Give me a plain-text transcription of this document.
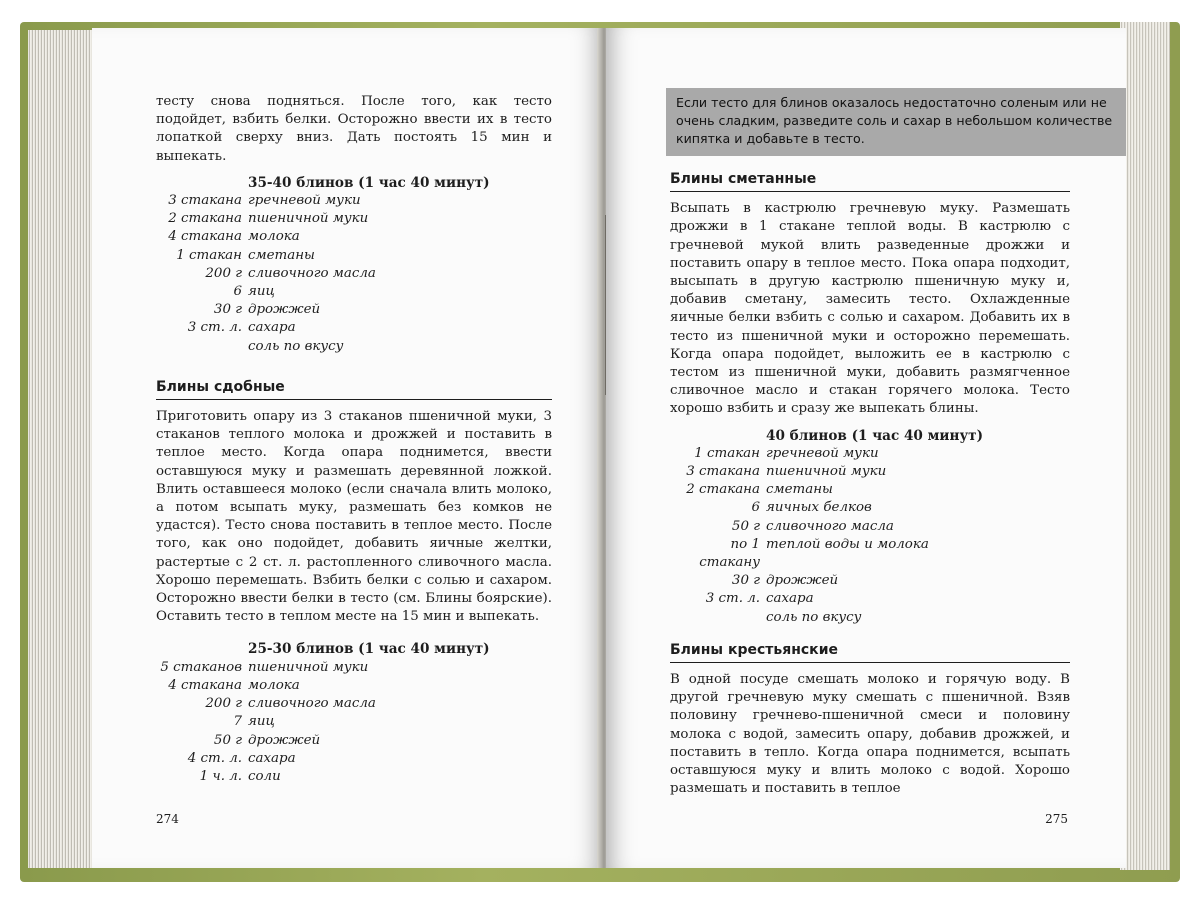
тесту снова подняться. После того, как тесто подойдет, взбить белки. Осторожно ввести их в тесто лопаткой сверху вниз. Дать постоять 15 мин и выпекать.

35-40 блинов (1 час 40 минут)
3 стакана гречневой муки
2 стакана пшеничной муки
4 стакана молока
1 стакан сметаны
200 г сливочного масла
6 яиц
30 г дрожжей
3 ст. л. сахара
соль по вкусу
Блины сдобные

Приготовить опару из 3 стаканов пшеничной муки, 3 стаканов теплого молока и дрожжей и поставить в теплое место. Когда опара поднимется, ввести оставшуюся муку и размешать деревянной ложкой. Влить оставшееся молоко (если сначала влить молоко, а потом всыпать муку, размешать без комков не удастся). Тесто снова поставить в теплое место. После того, как оно подойдет, добавить яичные желтки, растертые с 2 ст. л. растопленного сливочного масла. Хорошо перемешать. Взбить белки с солью и сахаром. Осторожно ввести белки в тесто (см. Блины боярские). Оставить тесто в теплом месте на 15 мин и выпекать.

25-30 блинов (1 час 40 минут)
5 стаканов пшеничной муки
4 стакана молока
200 г сливочного масла
7 яиц
50 г дрожжей
4 ст. л. сахара
1 ч. л. соли
274
Если тесто для блинов оказалось недостаточно соленым или не очень сладким, разведите соль и сахар в небольшом количестве кипятка и добавьте в тесто.
Блины сметанные

Всыпать в кастрюлю гречневую муку. Размешать дрожжи в 1 стакане теплой воды. В кастрюлю с гречневой мукой влить разведенные дрожжи и поставить опару в теплое место. Пока опара подходит, высыпать в другую кастрюлю пшеничную муку и, добавив сметану, замесить тесто. Охлажденные яичные белки взбить с солью и сахаром. Добавить их в тесто из пшеничной муки и осторожно перемешать. Когда опара подойдет, выложить ее в кастрюлю с тестом из пшеничной муки, добавить размягченное сливочное масло и стакан горячего молока. Тесто хорошо взбить и сразу же выпекать блины.

40 блинов (1 час 40 минут)
1 стакан гречневой муки
3 стакана пшеничной муки
2 стакана сметаны
6 яичных белков
50 г сливочного масла
по 1 стакану
теплой воды и молока
30 г дрожжей
3 ст. л. сахара
соль по вкусу
Блины крестьянские

В одной посуде смешать молоко и горячую воду. В другой гречневую муку смешать с пшеничной. Взяв половину гречнево-пшеничной смеси и половину молока с водой, замесить опару, добавив дрожжей, и поставить в тепло. Когда опара поднимется, всыпать оставшуюся муку и влить молоко с водой. Хорошо размешать и поставить в теплое

275
